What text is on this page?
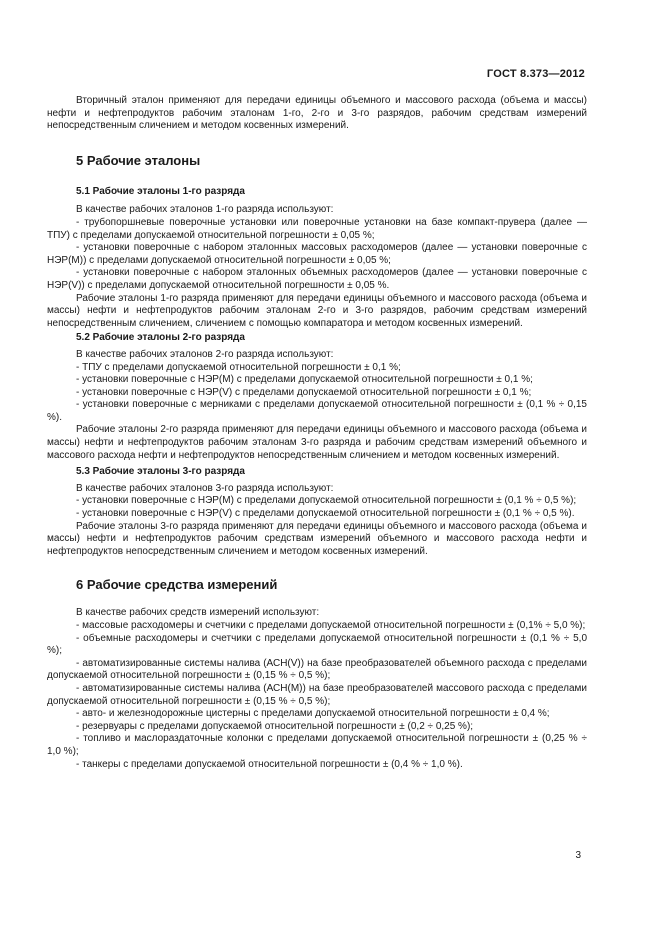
ГОСТ 8.373—2012

Вторичный эталон применяют для передачи единицы объемного и массового расхода (объема и массы) нефти и нефтепродуктов рабочим эталонам 1-го, 2-го и 3-го разрядов, рабочим средствам измерений непосредственным сличением и методом косвенных измерений.

5 Рабочие эталоны
5.1 Рабочие эталоны 1-го разряда

В качестве рабочих эталонов 1-го разряда используют:

- трубопоршневые поверочные установки или поверочные установки на базе компакт-прувера (далее — ТПУ) с пределами допускаемой относительной погрешности ± 0,05 %;

- установки поверочные с набором эталонных массовых расходомеров (далее — установки поверочные с НЭР(М)) с пределами допускаемой относительной погрешности ± 0,05 %;

- установки поверочные с набором эталонных объемных расходомеров (далее — установки поверочные с НЭР(V)) с пределами допускаемой относительной погрешности ± 0,05 %.

Рабочие эталоны 1-го разряда применяют для передачи единицы объемного и массового расхода (объема и массы) нефти и нефтепродуктов рабочим эталонам 2-го и 3-го разрядов, рабочим средствам измерений непосредственным сличением, сличением с помощью компаратора и методом косвенных измерений.

5.2 Рабочие эталоны 2-го разряда

В качестве рабочих эталонов 2-го разряда используют:

- ТПУ с пределами допускаемой относительной погрешности ± 0,1 %;

- установки поверочные с НЭР(М) с пределами допускаемой относительной погрешности ± 0,1 %;

- установки поверочные с НЭР(V) с пределами допускаемой относительной погрешности ± 0,1 %;

- установки поверочные с мерниками с пределами допускаемой относительной погрешности ± (0,1 % ÷ 0,15 %).

Рабочие эталоны 2-го разряда применяют для передачи единицы объемного и массового расхода (объема и массы) нефти и нефтепродуктов рабочим эталонам 3-го разряда и рабочим средствам измерений объемного и массового расхода нефти и нефтепродуктов непосредственным сличением и методом косвенных измерений.

5.3 Рабочие эталоны 3-го разряда

В качестве рабочих эталонов 3-го разряда используют:

- установки поверочные с НЭР(М) с пределами допускаемой относительной погрешности ± (0,1 % ÷ 0,5 %);

- установки поверочные с НЭР(V) с пределами допускаемой относительной погрешности ± (0,1 % ÷ 0,5 %).

Рабочие эталоны 3-го разряда применяют для передачи единицы объемного и массового расхода (объема и массы) нефти и нефтепродуктов рабочим средствам измерений объемного и массового расхода нефти и нефтепродуктов непосредственным сличением и методом косвенных измерений.

6 Рабочие средства измерений

В качестве рабочих средств измерений используют:

- массовые расходомеры и счетчики с пределами допускаемой относительной погрешности ± (0,1% ÷ 5,0 %);

- объемные расходомеры и счетчики с пределами допускаемой относительной погрешности ± (0,1 % ÷ 5,0 %);

- автоматизированные системы налива (АСН(V)) на базе преобразователей объемного расхода с пределами допускаемой относительной погрешности ± (0,15 % ÷ 0,5 %);

- автоматизированные системы налива (АСН(М)) на базе преобразователей массового расхода с пределами допускаемой относительной погрешности ± (0,15 % ÷ 0,5 %);

- авто- и железнодорожные цистерны с пределами допускаемой относительной погрешности ± 0,4 %;

- резервуары с пределами допускаемой относительной погрешности ± (0,2 ÷ 0,25 %);

- топливо и маслораздаточные колонки с пределами допускаемой относительной погрешности ± (0,25 % ÷ 1,0 %);

- танкеры с пределами допускаемой относительной погрешности ± (0,4 % ÷ 1,0 %).

3
